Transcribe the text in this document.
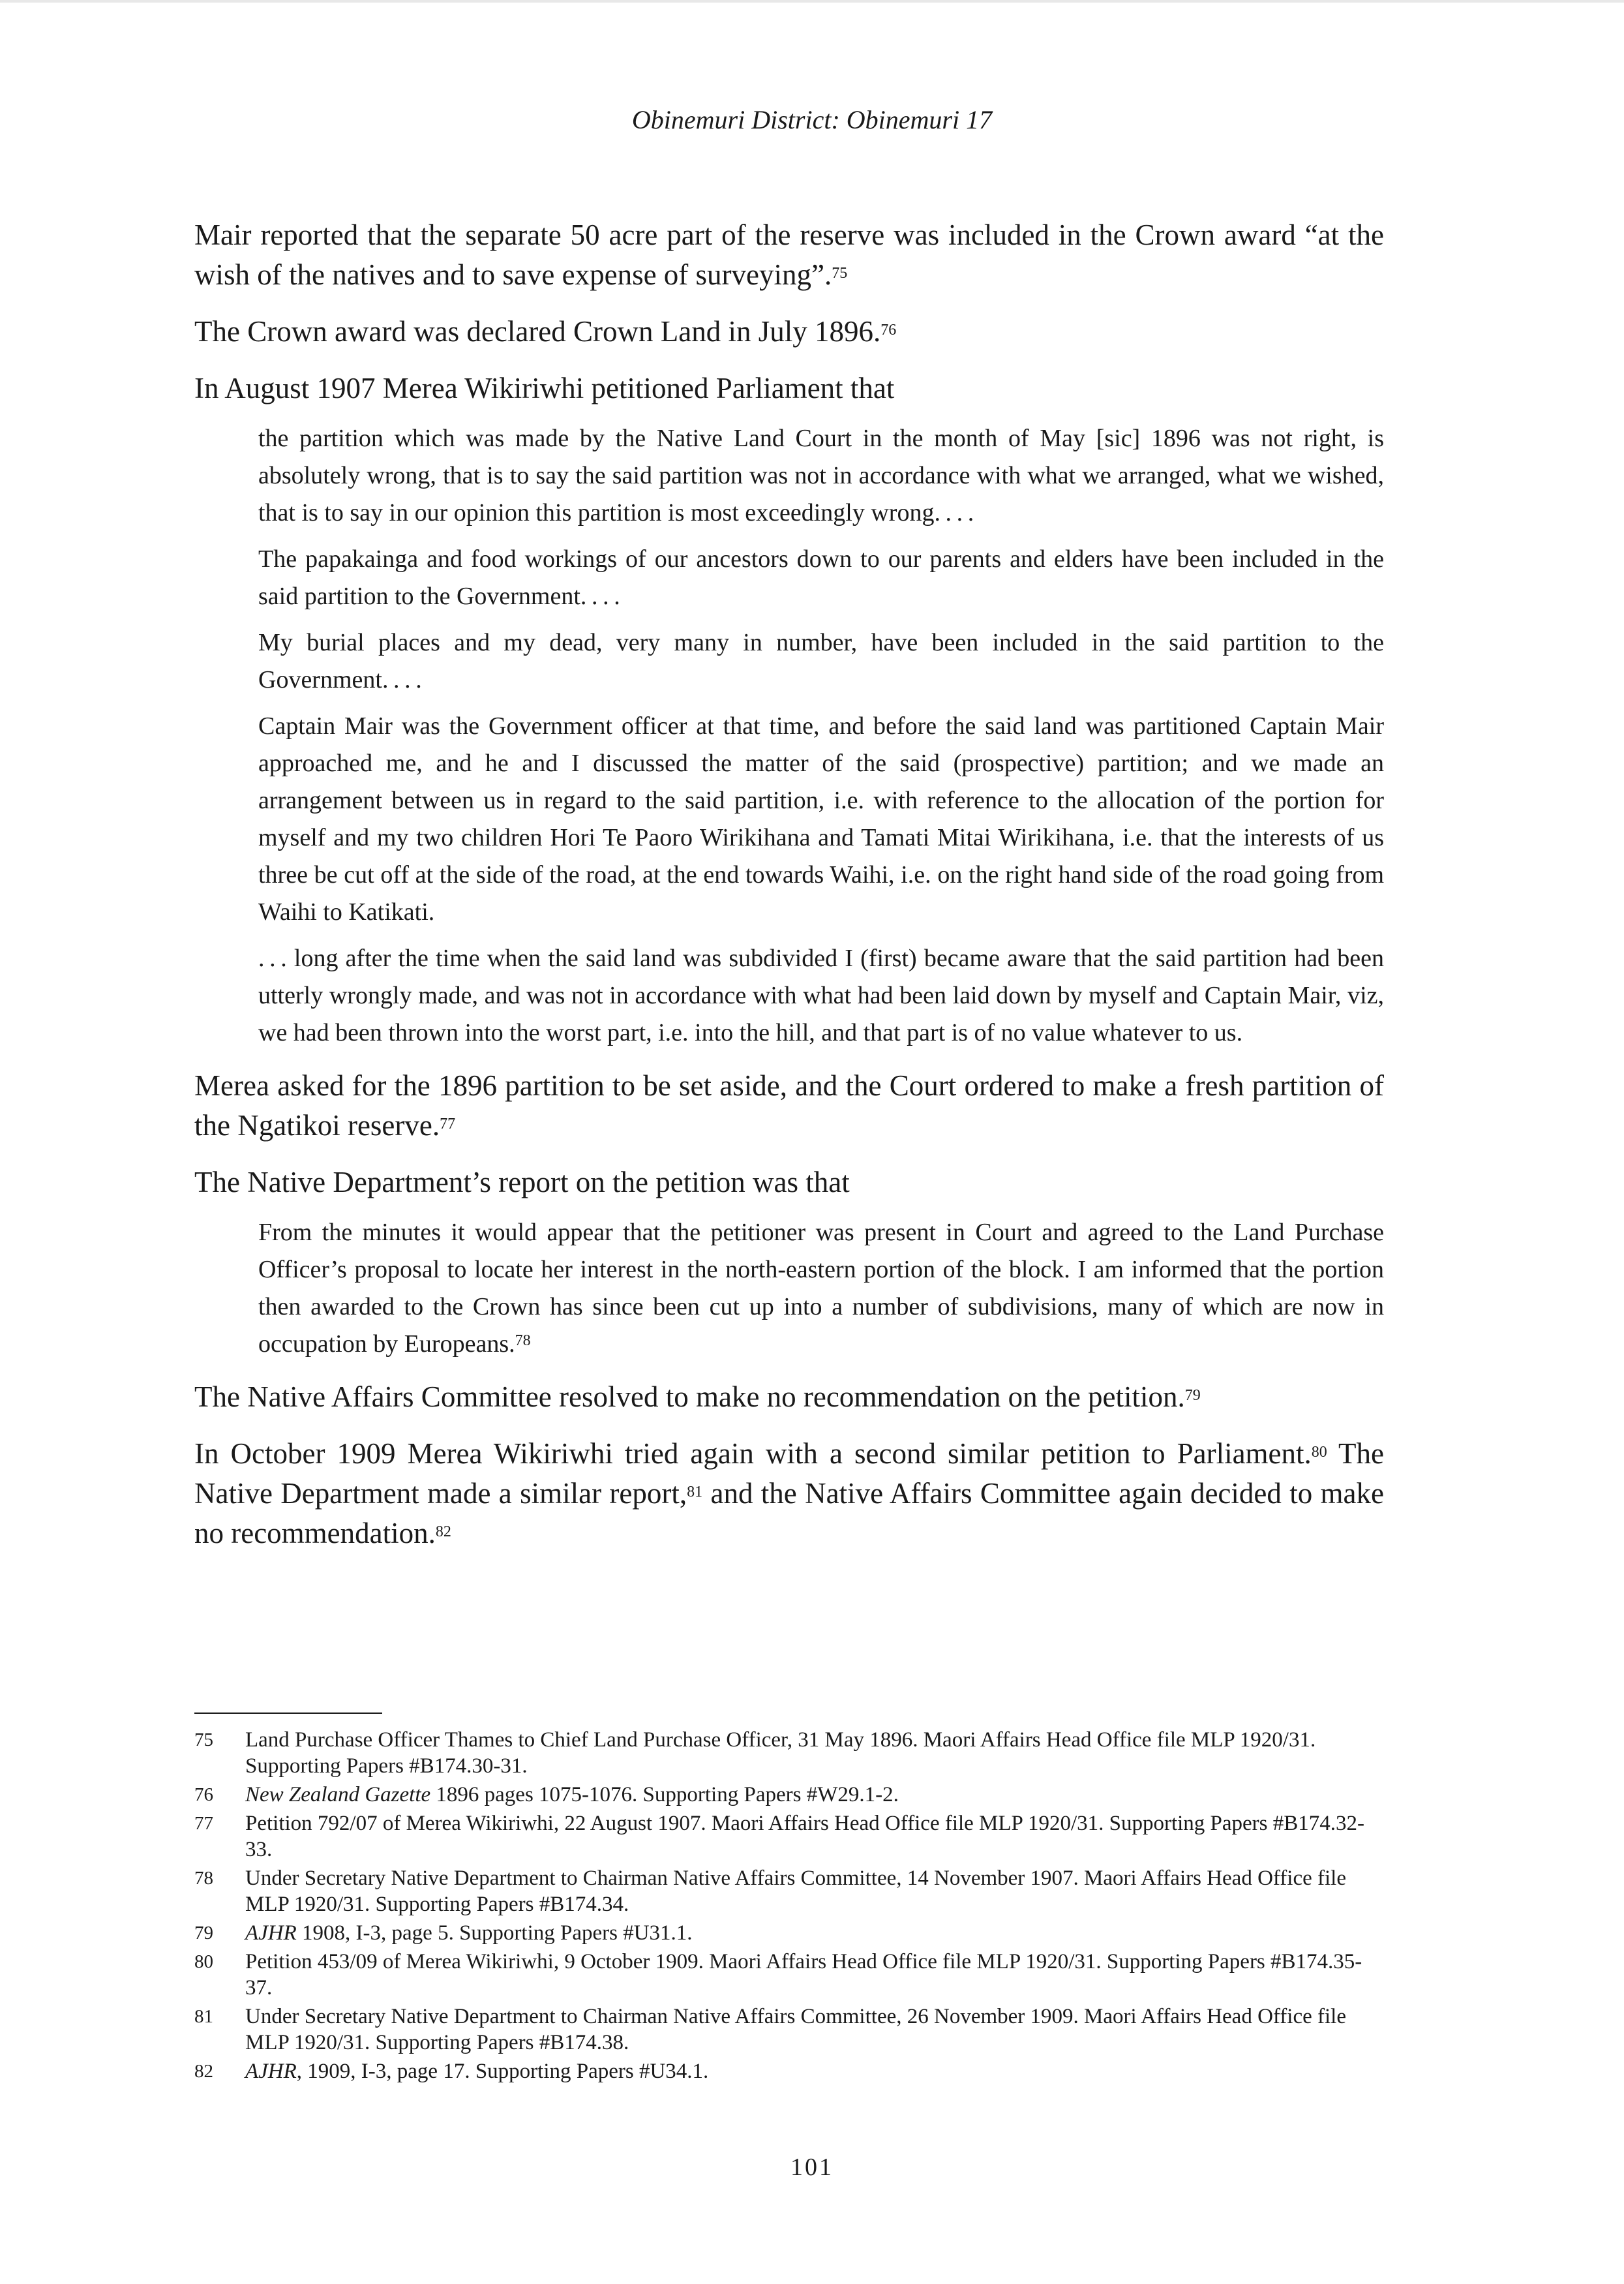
Obinemuri District: Obinemuri 17

Mair reported that the separate 50 acre part of the reserve was included in the Crown award “at the wish of the natives and to save expense of surveying”.$^{75}$

The Crown award was declared Crown Land in July 1896.76

In August 1907 Merea Wikiriwhi petitioned Parliament that

the partition which was made by the Native Land Court in the month of May [sic] 1896 was not right, is absolutely wrong, that is to say the said partition was not in accordance with what we arranged, what we wished, that is to say in our opinion this partition is most exceedingly wrong. . . .

The papakainga and food workings of our ancestors down to our parents and elders have been included in the said partition to the Government. . . .

My burial places and my dead, very many in number, have been included in the said partition to the Government. . . .

Captain Mair was the Government officer at that time, and before the said land was partitioned Captain Mair approached me, and he and I discussed the matter of the said (prospective) partition; and we made an arrangement between us in regard to the said partition, i.e. with reference to the allocation of the portion for myself and my two children Hori Te Paoro Wirikihana and Tamati Mitai Wirikihana, i.e. that the interests of us three be cut off at the side of the road, at the end towards Waihi, i.e. on the right hand side of the road going from Waihi to Katikati.

. . . long after the time when the said land was subdivided I (first) became aware that the said partition had been utterly wrongly made, and was not in accordance with what had been laid down by myself and Captain Mair, viz, we had been thrown into the worst part, i.e. into the hill, and that part is of no value whatever to us.

Merea asked for the 1896 partition to be set aside, and the Court ordered to make a fresh partition of the Ngatikoi reserve.$^{77}$

The Native Department’s report on the petition was that

From the minutes it would appear that the petitioner was present in Court and agreed to the Land Purchase Officer’s proposal to locate her interest in the north-eastern portion of the block. I am informed that the portion then awarded to the Crown has since been cut up into a number of subdivisions, many of which are now in occupation by Europeans.$^{78}$

The Native Affairs Committee resolved to make no recommendation on the petition.$^{79}$

In October 1909 Merea Wikiriwhi tried again with a second similar petition to Parliament.$^{80}$ The Native Department made a similar report,$^{81}$ and the Native Affairs Committee again decided to make no recommendation.$^{82}$

75	Land Purchase Officer Thames to Chief Land Purchase Officer, 31 May 1896. Maori Affairs Head Office file MLP 1920/31. Supporting Papers #B174.30-31.
76	New Zealand Gazette 1896 pages 1075-1076. Supporting Papers #W29.1-2.
77	Petition 792/07 of Merea Wikiriwhi, 22 August 1907. Maori Affairs Head Office file MLP 1920/31. Supporting Papers #B174.32-33.
78	Under Secretary Native Department to Chairman Native Affairs Committee, 14 November 1907. Maori Affairs Head Office file MLP 1920/31. Supporting Papers #B174.34.
79	AJHR 1908, I-3, page 5. Supporting Papers #U31.1.
80	Petition 453/09 of Merea Wikiriwhi, 9 October 1909. Maori Affairs Head Office file MLP 1920/31. Supporting Papers #B174.35-37.
81	Under Secretary Native Department to Chairman Native Affairs Committee, 26 November 1909. Maori Affairs Head Office file MLP 1920/31. Supporting Papers #B174.38.
82	AJHR, 1909, I-3, page 17. Supporting Papers #U34.1.
101
